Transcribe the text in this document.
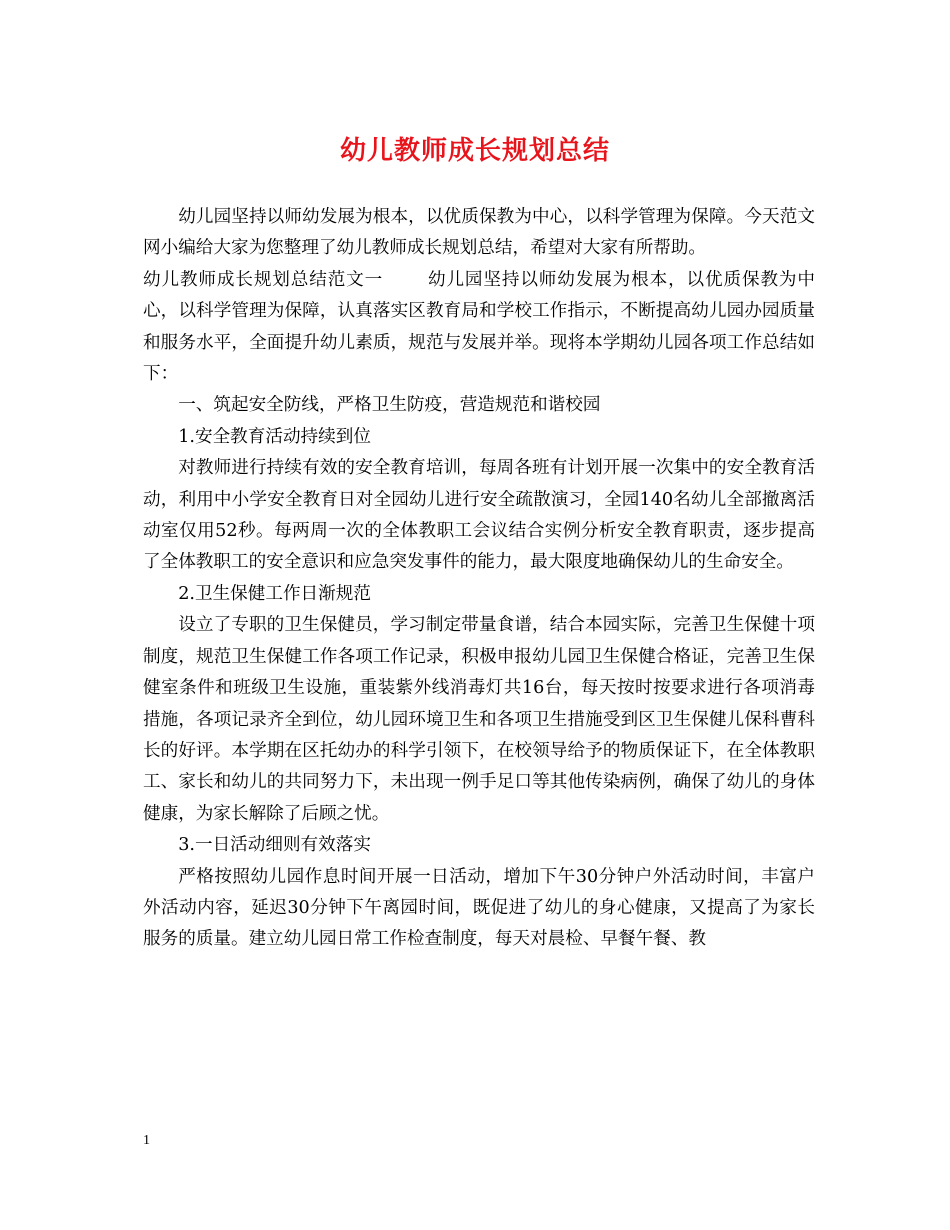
幼儿教师成长规划总结

幼儿园坚持以师幼发展为根本，以优质保教为中心，以科学管理为保障。今天范文网小编给大家为您整理了幼儿教师成长规划总结，希望对大家有所帮助。

幼儿教师成长规划总结范文一	幼儿园坚持以师幼发展为根本，以优质保教为中心，以科学管理为保障，认真落实区教育局和学校工作指示，不断提高幼儿园办园质量和服务水平，全面提升幼儿素质，规范与发展并举。现将本学期幼儿园各项工作总结如下：

一、筑起安全防线，严格卫生防疫，营造规范和谐校园

1.安全教育活动持续到位

对教师进行持续有效的安全教育培训，每周各班有计划开展一次集中的安全教育活动，利用中小学安全教育日对全园幼儿进行安全疏散演习，全园140名幼儿全部撤离活动室仅用52秒。每两周一次的全体教职工会议结合实例分析安全教育职责，逐步提高了全体教职工的安全意识和应急突发事件的能力，最大限度地确保幼儿的生命安全。

2.卫生保健工作日渐规范

设立了专职的卫生保健员，学习制定带量食谱，结合本园实际，完善卫生保健十项制度，规范卫生保健工作各项工作记录，积极申报幼儿园卫生保健合格证，完善卫生保健室条件和班级卫生设施，重装紫外线消毒灯共16台，每天按时按要求进行各项消毒措施，各项记录齐全到位，幼儿园环境卫生和各项卫生措施受到区卫生保健儿保科曹科长的好评。本学期在区托幼办的科学引领下，在校领导给予的物质保证下，在全体教职工、家长和幼儿的共同努力下，未出现一例手足口等其他传染病例，确保了幼儿的身体健康，为家长解除了后顾之忧。

3.一日活动细则有效落实

严格按照幼儿园作息时间开展一日活动，增加下午30分钟户外活动时间，丰富户外活动内容，延迟30分钟下午离园时间，既促进了幼儿的身心健康，又提高了为家长服务的质量。建立幼儿园日常工作检查制度，每天对晨检、早餐午餐、教

1
